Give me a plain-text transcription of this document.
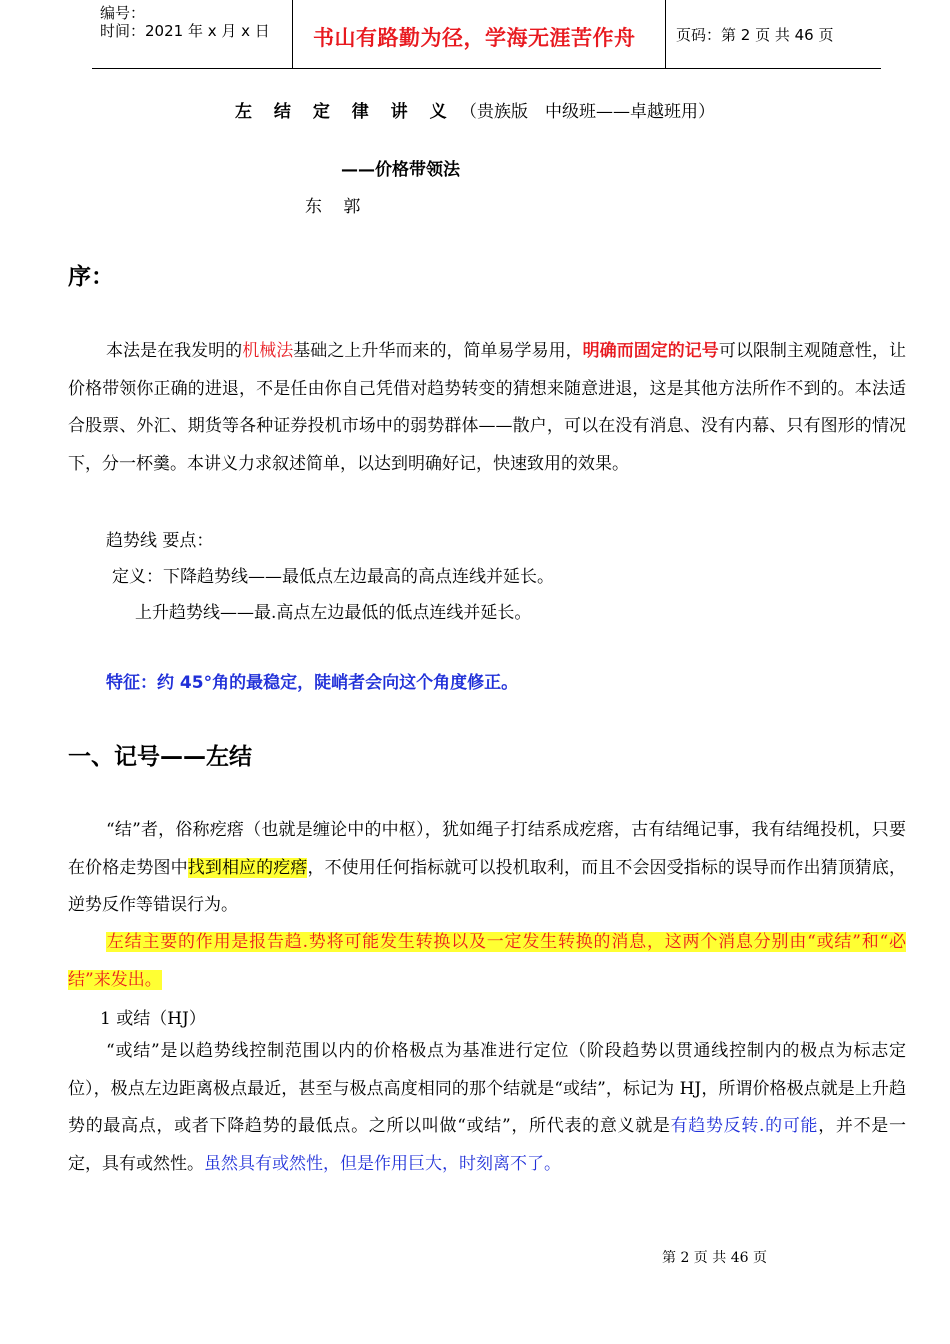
编号：
时间：2021 年 x 月 x 日 书山有路勤为径，学海无涯苦作舟	页码：第 2 页 共 46 页
左 结 定 律 讲 义 （贵族版　中级班——卓越班用）
——价格带领法
东 郭
序：
本法是在我发明的机械法基础之上升华而来的，简单易学易用，明确而固定的记号可以限制主观随意性，让价格带领你正确的进退，不是任由你自己凭借对趋势转变的猜想来随意进退，这是其他方法所作不到的。本法适合股票、外汇、期货等各种证券投机市场中的弱势群体——散户，可以在没有消息、没有内幕、只有图形的情况下，分一杯羹。本讲义力求叙述简单，以达到明确好记，快速致用的效果。
趋势线 要点：
定义：下降趋势线——最低点左边最高的高点连线并延长。
上升趋势线——最.高点左边最低的低点连线并延长。
特征：约 45°角的最稳定，陡峭者会向这个角度修正。
一、记号——左结
“结”者，俗称疙瘩（也就是缠论中的中枢），犹如绳子打结系成疙瘩，古有结绳记事，我有结绳投机，只要在价格走势图中找到相应的疙瘩，不使用任何指标就可以投机取利，而且不会因受指标的误导而作出猜顶猜底，逆势反作等错误行为。
左结主要的作用是报告趋.势将可能发生转换以及一定发生转换的消息，这两个消息分别由“或结”和“必结”来发出。
1 或结（HJ）
“或结”是以趋势线控制范围以内的价格极点为基准进行定位（阶段趋势以贯通线控制内的极点为标志定位），极点左边距离极点最近，甚至与极点高度相同的那个结就是“或结”，标记为 HJ，所谓价格极点就是上升趋势的最高点，或者下降趋势的最低点。之所以叫做“或结”，所代表的意义就是有趋势反转.的可能，并不是一定，具有或然性。虽然具有或然性，但是作用巨大，时刻离不了。
第 2 页 共 46 页
